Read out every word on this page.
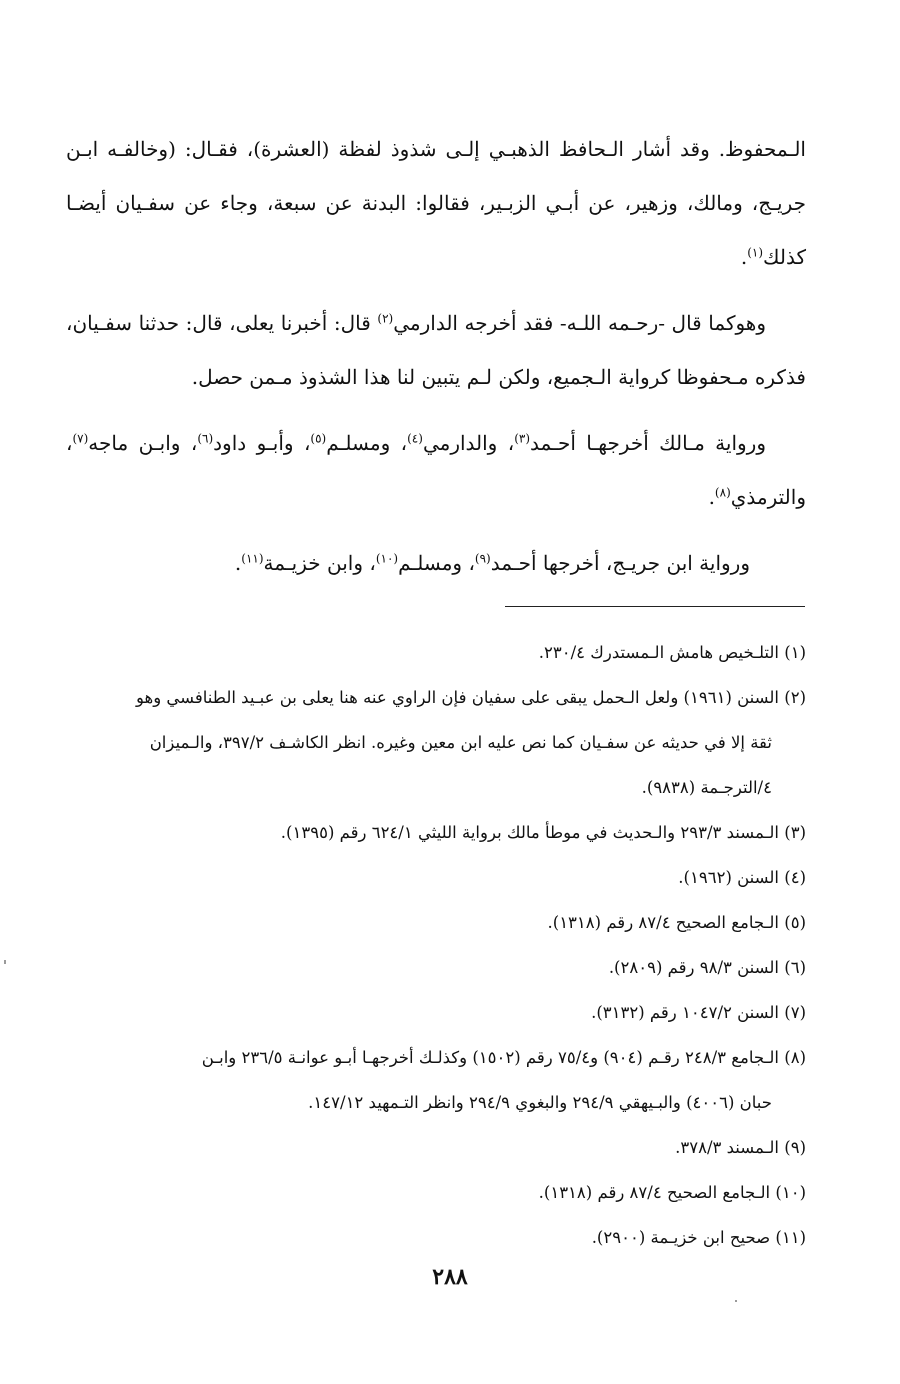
الـمحفوظ. وقد أشار الـحافظ الذهبـي إلـى شذوذ لفظة (العشرة)، فقـال: (وخالفـه ابـن جريـج، ومالك، وزهير، عن أبـي الزبـير، فقالوا: البدنة عن سبعة، وجاء عن سفـيان أيضـا كذلك$^{(١)}$.

وهوكما قال -رحـمه اللـه- فقد أخرجه الدارمي$^{(٢)}$ قال: أخبرنا يعلى، قال: حدثنا سفـيان، فذكره مـحفوظا كرواية الـجميع، ولكن لـم يتبين لنا هذا الشذوذ مـمن حصل.

ورواية مـالك أخرجهـا أحـمد$^{(٣)}$، والدارمي$^{(٤)}$، ومسلـم$^{(٥)}$، وأبـو داود$^{(٦)}$، وابـن ماجه$^{(٧)}$، والترمذي$^{(٨)}$.

ورواية ابن جريـج، أخرجها أحـمد$^{(٩)}$، ومسلـم$^{(١٠)}$، وابن خزيـمة$^{(١١)}$.

(١) التلـخيص هامش الـمستدرك ٢٣٠/٤.
(٢) السنن (١٩٦١) ولعل الـحمل يبقى على سفيان فإن الراوي عنه هنا يعلى بن عبـيد الطنافسي وهو
ثقة إلا في حديثه عن سفـيان كما نص عليه ابن معين وغيره. انظر الكاشـف ٣٩٧/٢، والـميزان
٤/التر‌جـمة (٩٨٣٨).
(٣) الـمسند ٢٩٣/٣ والـحديث في موطأ مالك برواية الليثي ٦٢٤/١ رقم (١٣٩٥).
(٤) السنن (١٩٦٢).
(٥) الـجامع الصحيح ٨٧/٤ رقم (١٣١٨).
(٦) السنن ٩٨/٣ رقم (٢٨٠٩).
(٧) السنن ١٠٤٧/٢ رقم (٣١٣٢).
(٨) الـجامع ٢٤٨/٣ رقـم (٩٠٤) و٧٥/٤ رقم (١٥٠٢) وكذلـك أخرجهـا أبـو عوانـة ٢٣٦/٥ وابـن
حبان (٤٠٠٦) والبـيهقي ٢٩٤/٩ والبغوي ٢٩٤/٩ وانظر التـمهيد ١٤٧/١٢.
(٩) الـمسند ٣٧٨/٣.
(١٠) الـجامع الصحيح ٨٧/٤ رقم (١٣١٨).
(١١) صحيح ابن خزيـمة (٢٩٠٠).
٢٨٨
